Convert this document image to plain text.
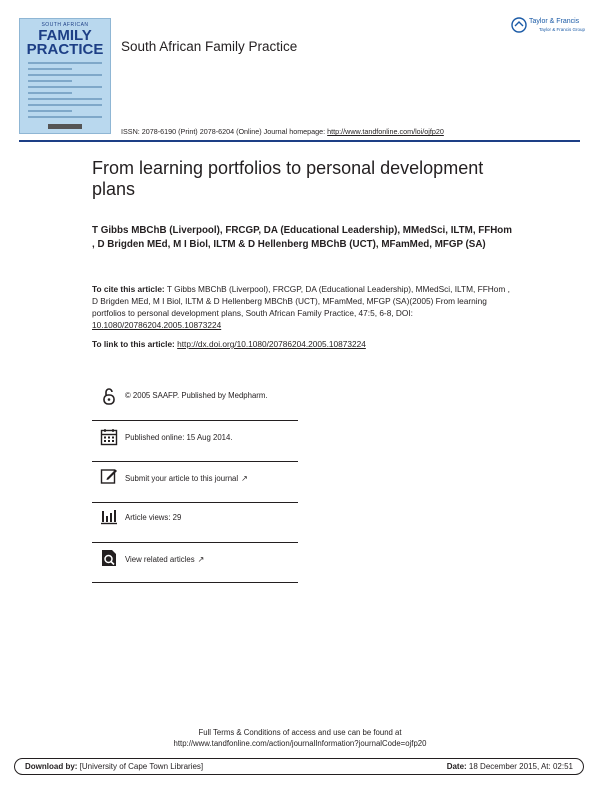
SOUTH AFRICAN
FAMILY
PRACTICE	South African Family Practice
ISSN: 2078-6190 (Print) 2078-6204 (Online) Journal homepage: http://www.tandfonline.com/loi/ojfp20
Taylor & Francis
Taylor & Francis Group
From learning portfolios to personal development plans
T Gibbs MBChB (Liverpool), FRCGP, DA (Educational Leadership), MMedSci, ILTM, FFHom , D Brigden MEd, M I Biol, ILTM & D Hellenberg MBChB (UCT), MFamMed, MFGP (SA)
To cite this article: T Gibbs MBChB (Liverpool), FRCGP, DA (Educational Leadership), MMedSci, ILTM, FFHom , D Brigden MEd, M I Biol, ILTM & D Hellenberg MBChB (UCT), MFamMed, MFGP (SA)(2005) From learning portfolios to personal development plans, South African Family Practice, 47:5, 6-8, DOI: 10.1080/20786204.2005.10873224
To link to this article: http://dx.doi.org/10.1080/20786204.2005.10873224
© 2005 SAAFP. Published by Medpharm.
Published online: 15 Aug 2014.
Submit your article to this journal ↗
Article views: 29
View related articles ↗
Full Terms & Conditions of access and use can be found at
http://www.tandfonline.com/action/journalInformation?journalCode=ojfp20
Download by: [University of Cape Town Libraries]	Date: 18 December 2015, At: 02:51
